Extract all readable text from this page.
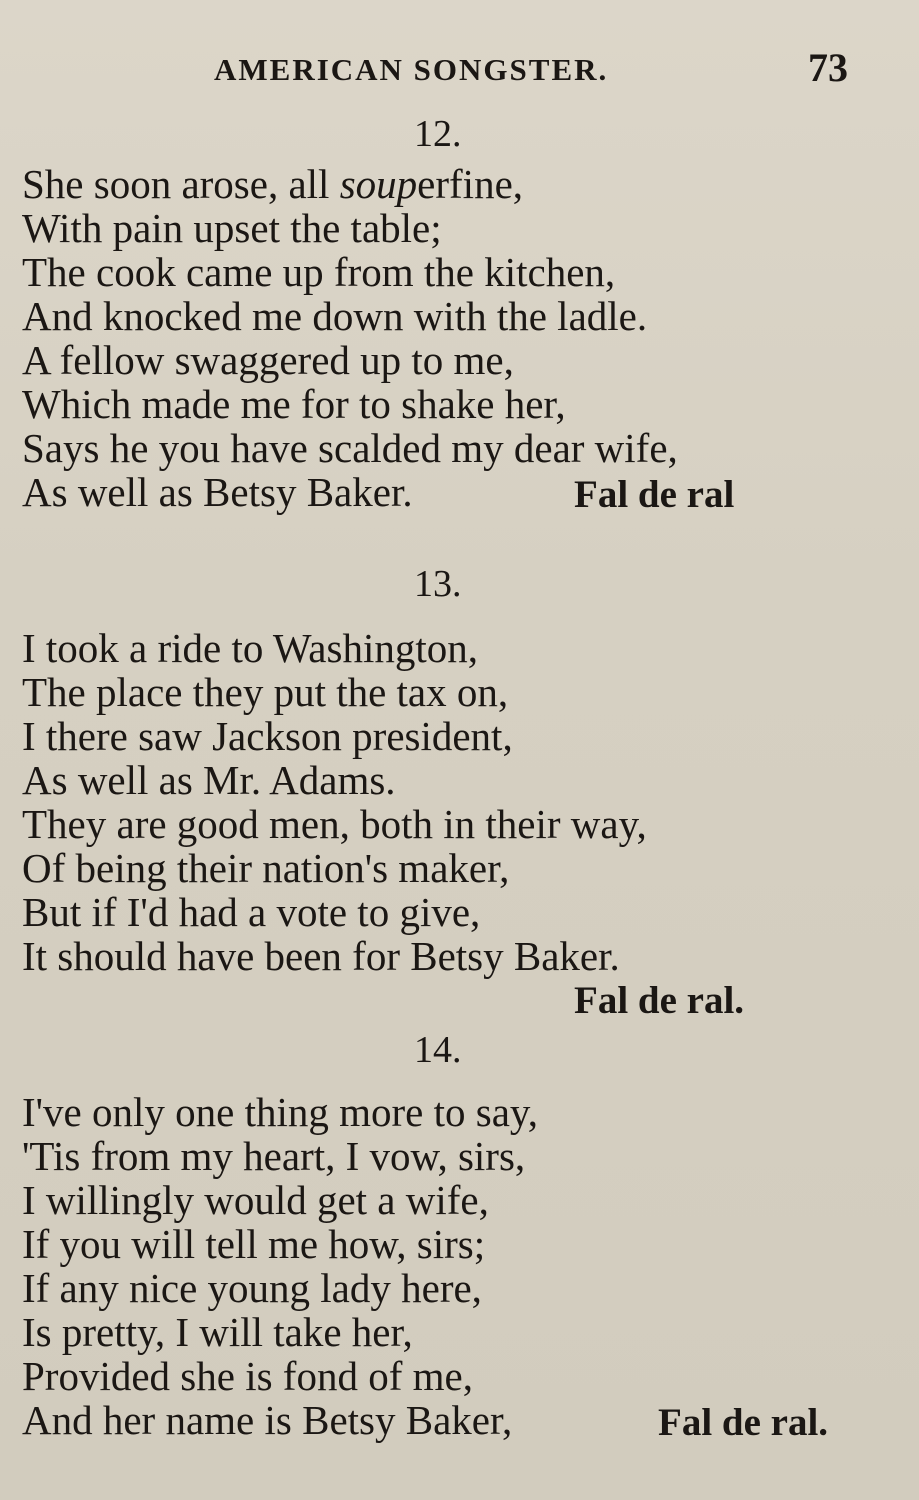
AMERICAN SONGSTER.	73
12.
She soon arose, all souperfine,
With pain upset the table;
The cook came up from the kitchen,
And knocked me down with the ladle.
A fellow swaggered up to me,
Which made me for to shake her,
Says he you have scalded my dear wife,
As well as Betsy Baker.	Fal de ral
13.
I took a ride to Washington,
The place they put the tax on,
I there saw Jackson president,
As well as Mr. Adams.
They are good men, both in their way,
Of being their nation's maker,
But if I'd had a vote to give,
It should have been for Betsy Baker.
Fal de ral.
14.
I've only one thing more to say,
'Tis from my heart, I vow, sirs,
I willingly would get a wife,
If you will tell me how, sirs;
If any nice young lady here,
Is pretty, I will take her,
Provided she is fond of me,
And her name is Betsy Baker,	Fal de ral.
